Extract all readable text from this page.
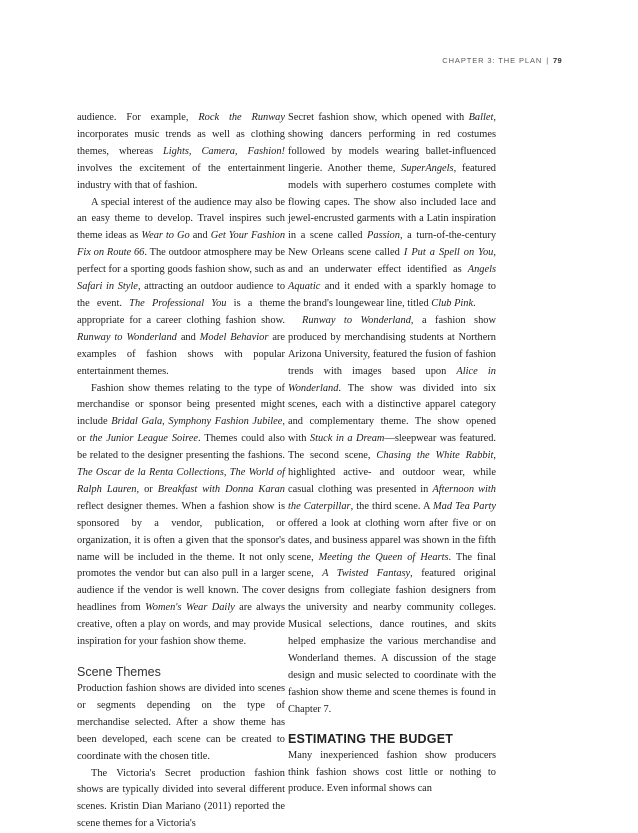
CHAPTER 3: THE PLAN | 79

audience. For example, Rock the Runway incorporates music trends as well as clothing themes, whereas Lights, Camera, Fashion! involves the excitement of the entertainment industry with that of fashion.

A special interest of the audience may also be an easy theme to develop. Travel inspires such theme ideas as Wear to Go and Get Your Fashion Fix on Route 66. The outdoor atmosphere may be perfect for a sporting goods fashion show, such as Safari in Style, attracting an outdoor audience to the event. The Professional You is a theme appropriate for a career clothing fashion show. Runway to Wonderland and Model Behavior are examples of fashion shows with popular entertainment themes.

Fashion show themes relating to the type of merchandise or sponsor being presented might include Bridal Gala, Symphony Fashion Jubilee, or the Junior League Soiree. Themes could also be related to the designer presenting the fashions. The Oscar de la Renta Collections, The World of Ralph Lauren, or Breakfast with Donna Karan reflect designer themes. When a fashion show is sponsored by a vendor, publication, or organization, it is often a given that the sponsor's name will be included in the theme. It not only promotes the vendor but can also pull in a larger audience if the vendor is well known. The cover headlines from Women's Wear Daily are always creative, often a play on words, and may provide inspiration for your fashion show theme.

Scene Themes

Production fashion shows are divided into scenes or segments depending on the type of merchandise selected. After a show theme has been developed, each scene can be created to coordinate with the chosen title.

The Victoria's Secret production fashion shows are typically divided into several different scenes. Kristin Dian Mariano (2011) reported the scene themes for a Victoria's

Secret fashion show, which opened with Ballet, showing dancers performing in red costumes followed by models wearing ballet-influenced lingerie. Another theme, SuperAngels, featured models with superhero costumes complete with flowing capes. The show also included lace and jewel-encrusted garments with a Latin inspiration in a scene called Passion, a turn-of-the-century New Orleans scene called I Put a Spell on You, and an underwater effect identified as Angels Aquatic and it ended with a sparkly homage to the brand's loungewear line, titled Club Pink.

Runway to Wonderland, a fashion show produced by merchandising students at Northern Arizona University, featured the fusion of fashion trends with images based upon Alice in Wonderland. The show was divided into six scenes, each with a distinctive apparel category and complementary theme. The show opened with Stuck in a Dream—sleepwear was featured. The second scene, Chasing the White Rabbit, highlighted active- and outdoor wear, while casual clothing was presented in Afternoon with the Caterpillar, the third scene. A Mad Tea Party offered a look at clothing worn after five or on dates, and business apparel was shown in the fifth scene, Meeting the Queen of Hearts. The final scene, A Twisted Fantasy, featured original designs from collegiate fashion designers from the university and nearby community colleges. Musical selections, dance routines, and skits helped emphasize the various merchandise and Wonderland themes. A discussion of the stage design and music selected to coordinate with the fashion show theme and scene themes is found in Chapter 7.

ESTIMATING THE BUDGET

Many inexperienced fashion show producers think fashion shows cost little or nothing to produce. Even informal shows can
